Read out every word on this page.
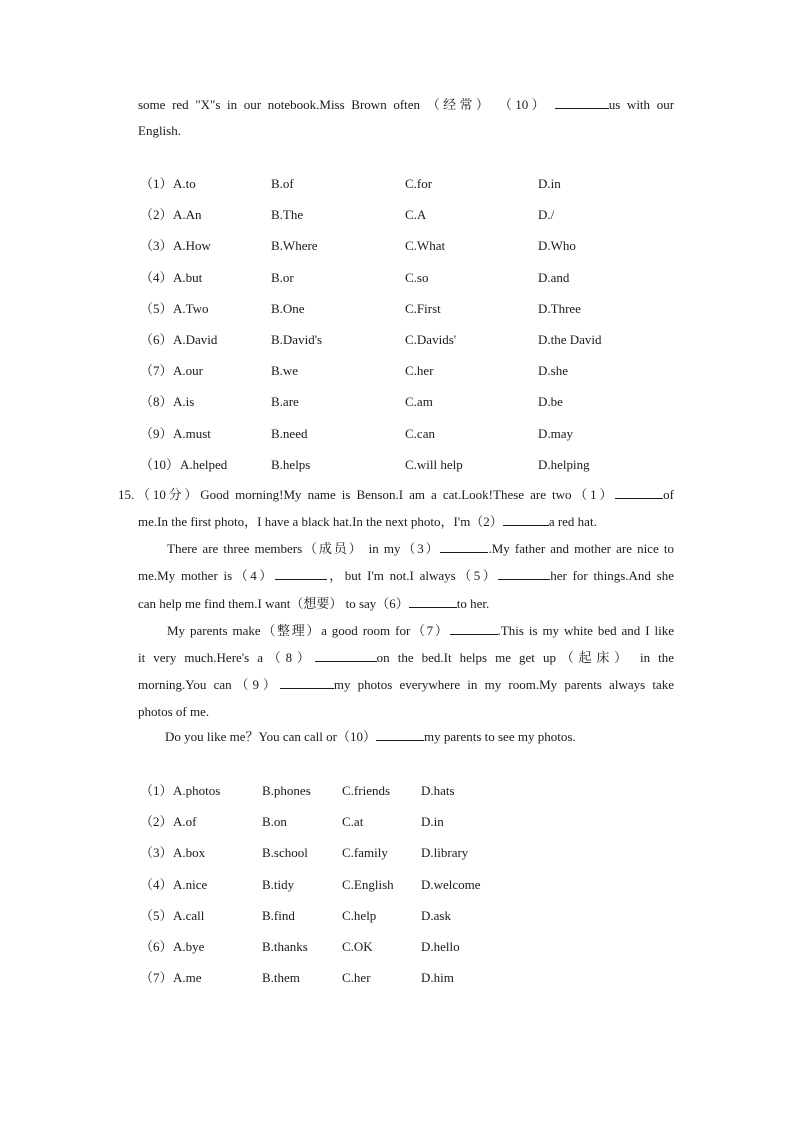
some red "X"s in our notebook.Miss Brown often （经常） （10）	us with our
English.
（1） A.to	B.of	C.for	D.in
（2） A.An	B.The	C.A	D./
（3） A.How	B.Where	C.What	D.Who
（4） A.but	B.or	C.so	D.and
（5） A.Two	B.One	C.First	D.Three
（6） A.David	B.David's	C.Davids'	D.the David
（7） A.our	B.we	C.her	D.she
（8） A.is	B.are	C.am	D.be
（9） A.must	B.need	C.can	D.may
（10） A.helped	B.helps	C.will help	D.helping
15.（10分）Good morning!My name is Benson.I am a cat.Look!These are two（1）	of
me.In the first photo，I have a black hat.In the next photo，I'm（2）	a red hat.
There are three members（成员） in my（3）	.My father and mother are nice to
me.My mother is（4）	，but I'm not.I always（5）	her for things.And she
can help me find them.I want（想要） to say（6）	to her.
My parents make（整理）a good room for（7）	.This is my white bed and I like
it very much.Here's a（8）	on the bed.It helps me get up（起床） in the
morning.You can（9）	my photos everywhere in my room.My parents always take
photos of me.
Do you like me？You can call or（10）	my parents to see my photos.
（1） A.photos	B.phones C.friends D.hats
（2） A.of	B.on	C.at	D.in
（3） A.box	B.school	C.family	D.library
（4） A.nice	B.tidy	C.English D.welcome
（5） A.call	B.find	C.help	D.ask
（6） A.bye	B.thanks	C.OK	D.hello
（7） A.me	B.them	C.her	D.him
